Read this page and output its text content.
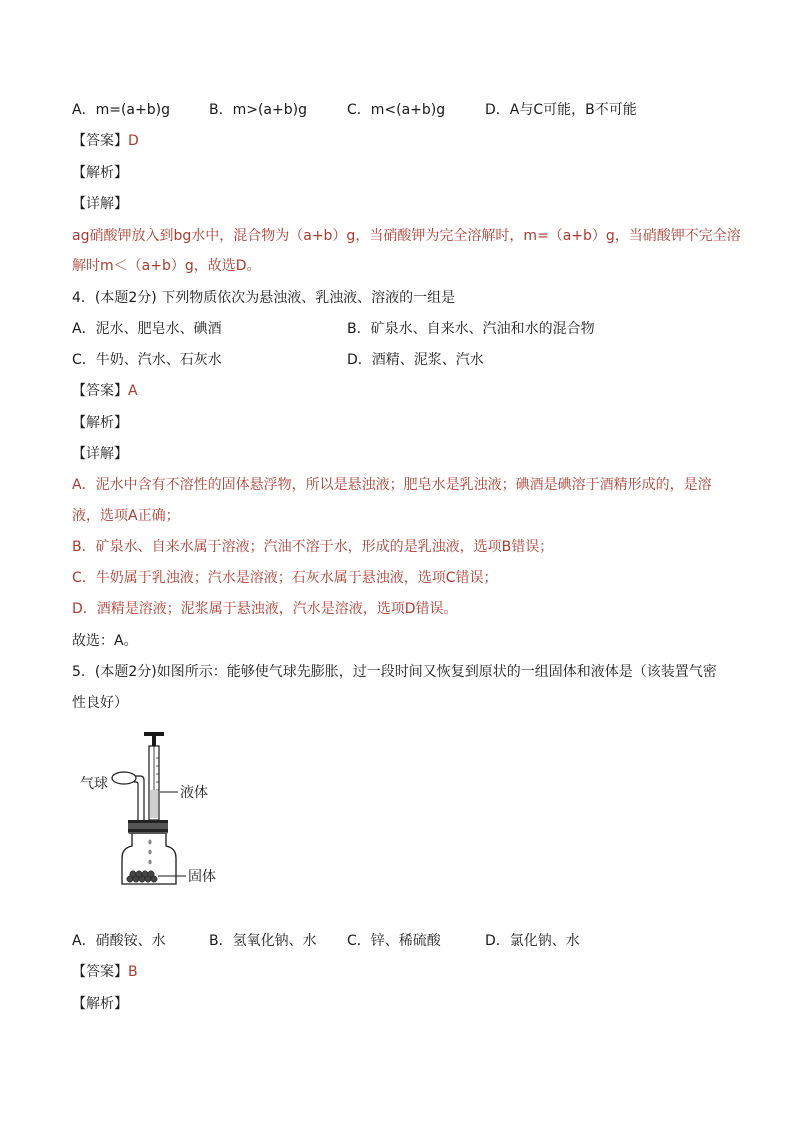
A．m=(a+b)g	B．m>(a+b)g	C．m<(a+b)g	D．A与C可能，B不可能
【答案】D
【解析】
【详解】
ag硝酸钾放入到bg水中，混合物为（a+b）g，当硝酸钾为完全溶解时，m=（a+b）g，当硝酸钾不完全溶
解时m＜（a+b）g，故选D。
4．(本题2分) 下列物质依次为悬浊液、乳浊液、溶液的一组是
A．泥水、肥皂水、碘酒	B．矿泉水、自来水、汽油和水的混合物
C．牛奶、汽水、石灰水	D．酒精、泥浆、汽水
【答案】A
【解析】
【详解】
A．泥水中含有不溶性的固体悬浮物，所以是悬浊液；肥皂水是乳浊液；碘酒是碘溶于酒精形成的，是溶
液，选项A正确；
B．矿泉水、自来水属于溶液；汽油不溶于水，形成的是乳浊液，选项B错误；
C．牛奶属于乳浊液；汽水是溶液；石灰水属于悬浊液，选项C错误；
D．酒精是溶液；泥浆属于悬浊液，汽水是溶液，选项D错误。
故选：A。
5．(本题2分)如图所示：能够使气球先膨胀，过一段时间又恢复到原状的一组固体和液体是（该装置气密
性良好）
气球
液体
固体
A．硝酸铵、水	B．氢氧化钠、水 C．锌、稀硫酸	D．氯化钠、水
【答案】B
【解析】
